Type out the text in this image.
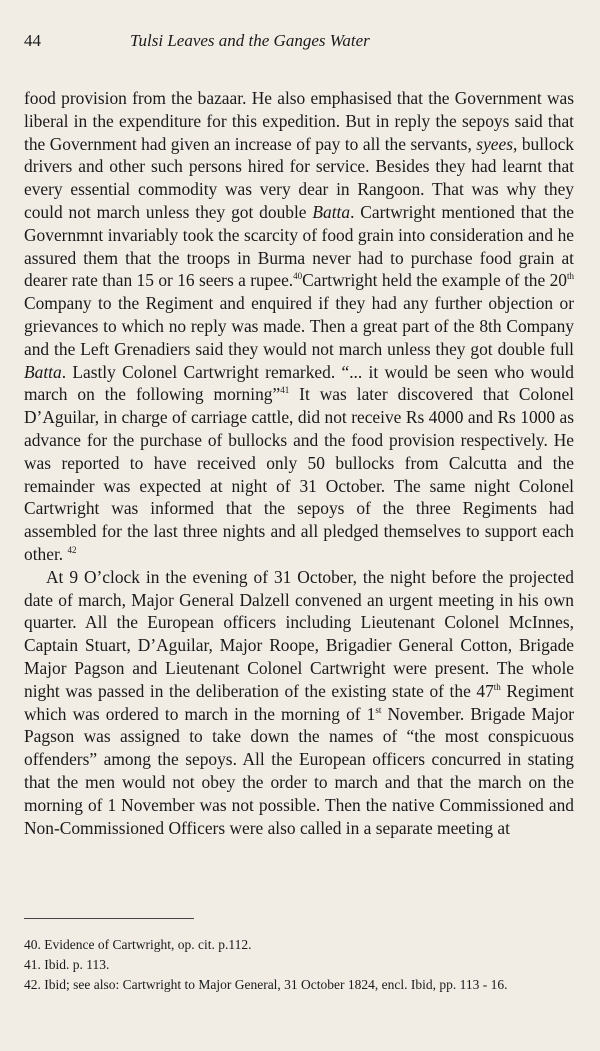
44	Tulsi Leaves and the Ganges Water

food provision from the bazaar. He also emphasised that the Government was liberal in the expenditure for this expedition. But in reply the sepoys said that the Government had given an increase of pay to all the servants, syees, bullock drivers and other such persons hired for service. Besides they had learnt that every essential commodity was very dear in Rangoon. That was why they could not march unless they got double Batta. Cartwright mentioned that the Governmnt invariably took the scarcity of food grain into consideration and he assured them that the troops in Burma never had to purchase food grain at dearer rate than 15 or 16 seers a rupee.$^{40}$Cartwright held the example of the 20th Company to the Regiment and enquired if they had any further objection or grievances to which no reply was made. Then a great part of the 8th Company and the Left Grenadiers said they would not march unless they got double full Batta. Lastly Colonel Cartwright remarked. “... it would be seen who would march on the following morning”$^{41}$ It was later discovered that Colonel D’Aguilar, in charge of carriage cattle, did not receive Rs 4000 and Rs 1000 as advance for the purchase of bullocks and the food provision respectively. He was reported to have received only 50 bullocks from Calcutta and the remainder was expected at night of 31 October. The same night Colonel Cartwright was informed that the sepoys of the three Regiments had assembled for the last three nights and all pledged themselves to support each other. $^{42}$

At 9 O’clock in the evening of 31 October, the night before the projected date of march, Major General Dalzell convened an urgent meeting in his own quarter. All the European officers including Lieutenant Colonel McInnes, Captain Stuart, D’Aguilar, Major Roope, Brigadier General Cotton, Brigade Major Pagson and Lieutenant Colonel Cartwright were present. The whole night was passed in the deliberation of the existing state of the 47th Regiment which was ordered to march in the morning of 1st November. Brigade Major Pagson was assigned to take down the names of “the most conspicuous offenders” among the sepoys. All the European officers concurred in stating that the men would not obey the order to march and that the march on the morning of 1 November was not possible. Then the native Commissioned and Non-Commissioned Officers were also called in a separate meeting at

40. Evidence of Cartwright, op. cit. p.112.
41. Ibid. p. 113.
42. Ibid; see also: Cartwright to Major General, 31 October 1824, encl. Ibid, pp. 113 - 16.
